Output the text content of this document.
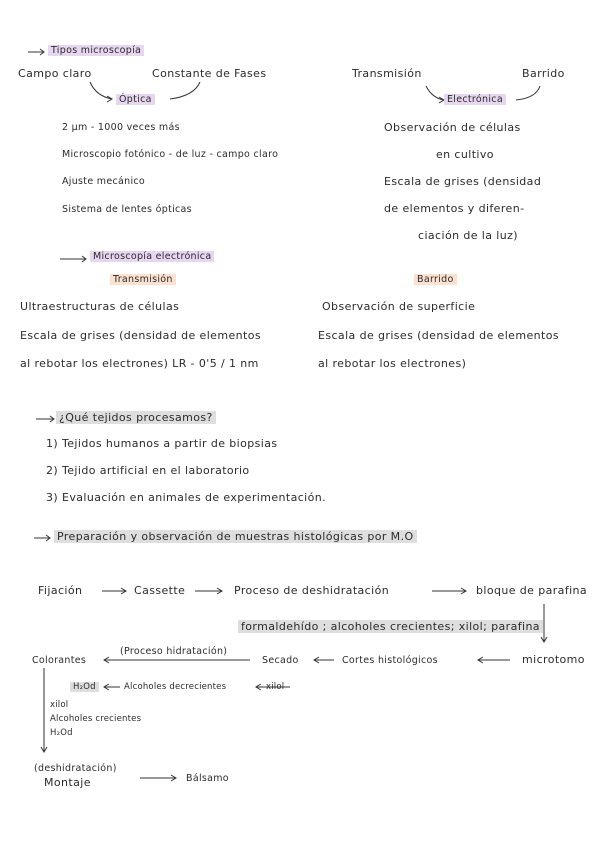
Tipos microscopía
Campo claro	Constante de Fases
Óptica
2 µm - 1000 veces más
Microscopio fotónico - de luz - campo claro
Ajuste mecánico
Sistema de lentes ópticas
Transmisión	Barrido
Electrónica
Observación de células
en cultivo
Escala de grises (densidad
de elementos y diferen-
ciación de la luz)
Microscopía electrónica
Transmisión
Ultraestructuras de células
Escala de grises (densidad de elementos
al rebotar los electrones) LR - 0'5 / 1 nm
Barrido
Observación de superficie
Escala de grises (densidad de elementos
al rebotar los electrones)
¿Qué tejidos procesamos?
1) Tejidos humanos a partir de biopsias
2) Tejido artificial en el laboratorio
3) Evaluación en animales de experimentación.
Preparación y observación de muestras histológicas por M.O
Fijación	Cassette	Proceso de deshidratación	bloque de parafina
formaldehído ; alcoholes crecientes; xilol; parafina
microtomo
Cortes histológicos
Secado
(Proceso hidratación)
Colorantes
H₂Od	Alcoholes decrecientes	xilol
xilol
Alcoholes crecientes
H₂Od
(deshidratación)
Montaje	Bálsamo
